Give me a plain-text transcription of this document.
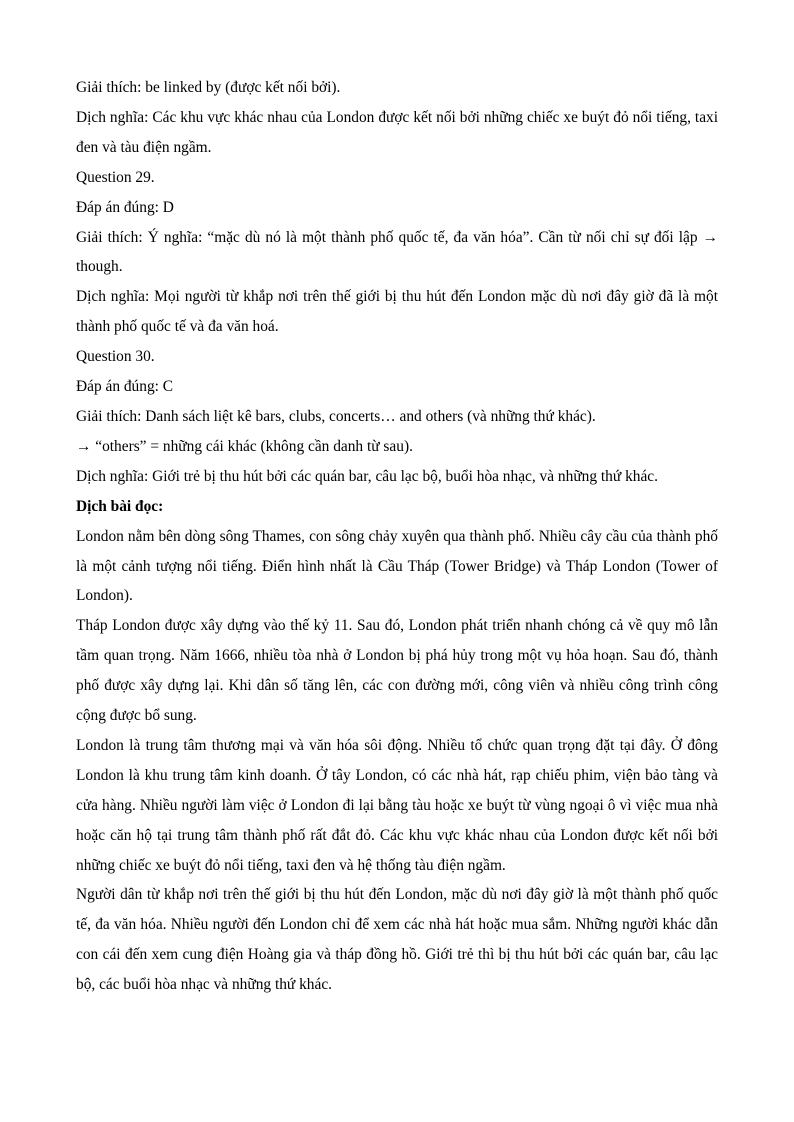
Giải thích: be linked by (được kết nối bởi).

Dịch nghĩa: Các khu vực khác nhau của London được kết nối bởi những chiếc xe buýt đỏ nổi tiếng, taxi đen và tàu điện ngầm.

Question 29.

Đáp án đúng: D

Giải thích: Ý nghĩa: “mặc dù nó là một thành phố quốc tế, đa văn hóa”. Cần từ nối chỉ sự đối lập → though.

Dịch nghĩa: Mọi người từ khắp nơi trên thế giới bị thu hút đến London mặc dù nơi đây giờ đã là một thành phố quốc tế và đa văn hoá.

Question 30.

Đáp án đúng: C

Giải thích: Danh sách liệt kê bars, clubs, concerts… and others (và những thứ khác).

→ “others” = những cái khác (không cần danh từ sau).

Dịch nghĩa: Giới trẻ bị thu hút bởi các quán bar, câu lạc bộ, buổi hòa nhạc, và những thứ khác.

Dịch bài đọc:

London nằm bên dòng sông Thames, con sông chảy xuyên qua thành phố. Nhiều cây cầu của thành phố là một cảnh tượng nổi tiếng. Điển hình nhất là Cầu Tháp (Tower Bridge) và Tháp London (Tower of London).

Tháp London được xây dựng vào thế kỷ 11. Sau đó, London phát triển nhanh chóng cả về quy mô lẫn tầm quan trọng. Năm 1666, nhiều tòa nhà ở London bị phá hủy trong một vụ hỏa hoạn. Sau đó, thành phố được xây dựng lại. Khi dân số tăng lên, các con đường mới, công viên và nhiều công trình công cộng được bổ sung.

London là trung tâm thương mại và văn hóa sôi động. Nhiều tổ chức quan trọng đặt tại đây. Ở đông London là khu trung tâm kinh doanh. Ở tây London, có các nhà hát, rạp chiếu phim, viện bảo tàng và cửa hàng. Nhiều người làm việc ở London đi lại bằng tàu hoặc xe buýt từ vùng ngoại ô vì việc mua nhà hoặc căn hộ tại trung tâm thành phố rất đắt đỏ. Các khu vực khác nhau của London được kết nối bởi những chiếc xe buýt đỏ nổi tiếng, taxi đen và hệ thống tàu điện ngầm.

Người dân từ khắp nơi trên thế giới bị thu hút đến London, mặc dù nơi đây giờ là một thành phố quốc tế, đa văn hóa. Nhiều người đến London chỉ để xem các nhà hát hoặc mua sắm. Những người khác dẫn con cái đến xem cung điện Hoàng gia và tháp đồng hồ. Giới trẻ thì bị thu hút bởi các quán bar, câu lạc bộ, các buổi hòa nhạc và những thứ khác.
